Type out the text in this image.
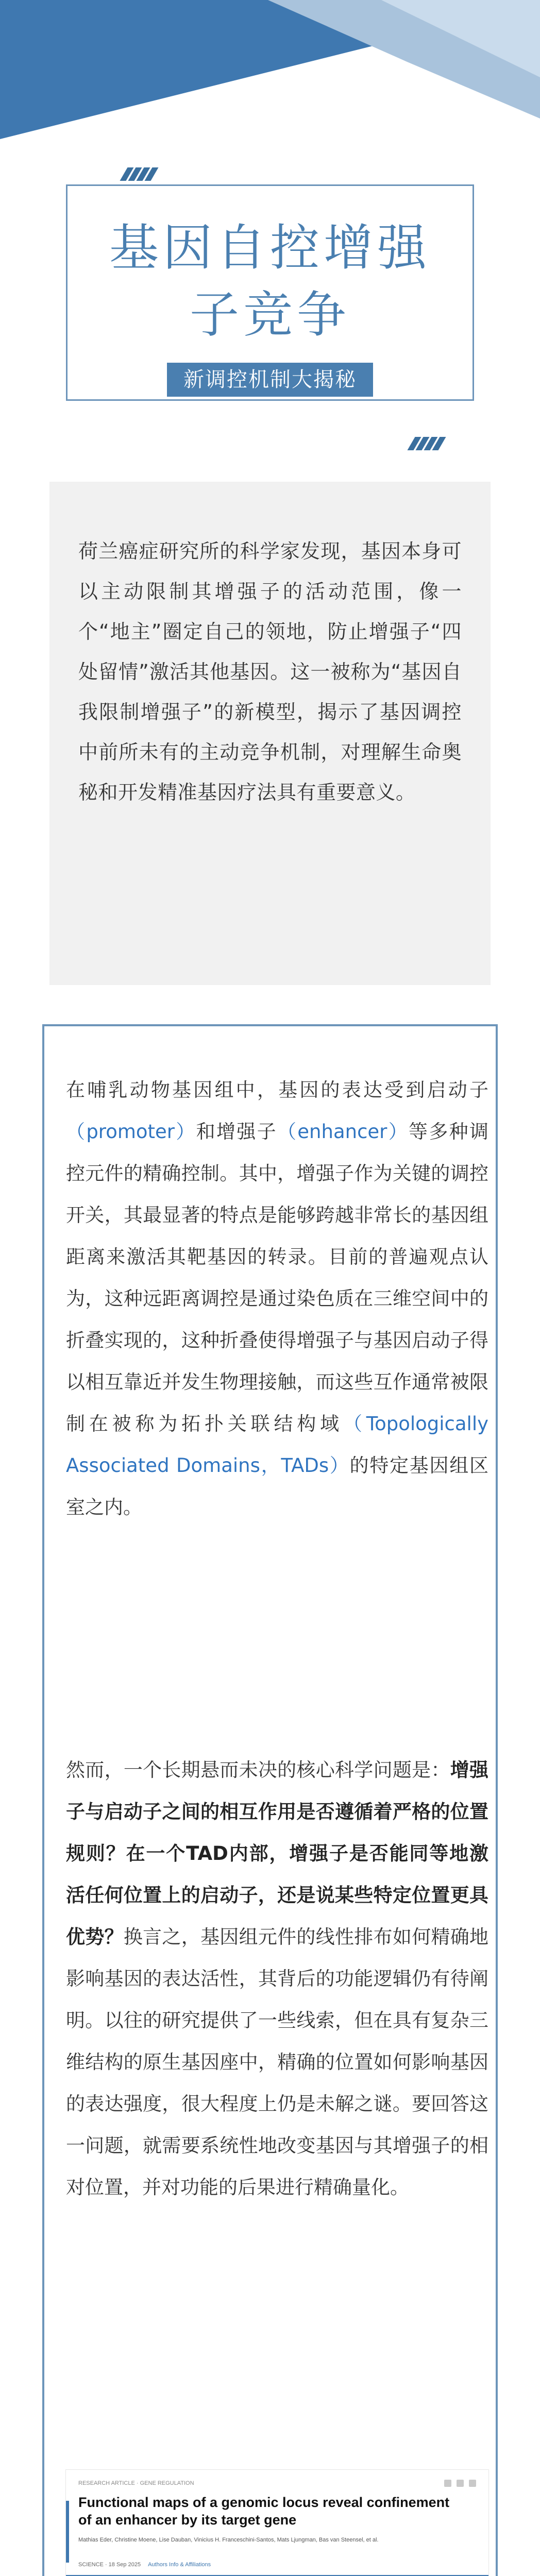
基因自控增强
子竞争
新调控机制大揭秘

荷兰癌症研究所的科学家发现，基因本身可以主动限制其增强子的活动范围，像一个“地主”圈定自己的领地，防止增强子“四处留情”激活其他基因。这一被称为“基因自我限制增强子”的新模型，揭示了基因调控中前所未有的主动竞争机制，对理解生命奥秘和开发精准基因疗法具有重要意义。

在哺乳动物基因组中，基因的表达受到启动子（promoter）和增强子（enhancer）等多种调控元件的精确控制。其中，增强子作为关键的调控开关，其最显著的特点是能够跨越非常长的基因组距离来激活其靶基因的转录。目前的普遍观点认为，这种远距离调控是通过染色质在三维空间中的折叠实现的，这种折叠使得增强子与基因启动子得以相互靠近并发生物理接触，而这些互作通常被限制在被称为拓扑关联结构域（Topologically Associated Domains，TADs）的特定基因组区室之内。

然而，一个长期悬而未决的核心科学问题是：增强子与启动子之间的相互作用是否遵循着严格的位置规则？在一个TAD内部，增强子是否能同等地激活任何位置上的启动子，还是说某些特定位置更具优势？换言之，基因组元件的线性排布如何精确地影响基因的表达活性，其背后的功能逻辑仍有待阐明。以往的研究提供了一些线索，但在具有复杂三维结构的原生基因座中，精确的位置如何影响基因的表达强度，很大程度上仍是未解之谜。要回答这一问题，就需要系统性地改变基因与其增强子的相对位置，并对功能的后果进行精确量化。

RESEARCH ARTICLE · GENE REGULATION
Functional maps of a genomic locus reveal confinement of an enhancer by its target gene
Mathias Eder, Christine Moene, Lise Dauban, Vinicius H. Franceschini-Santos, Mats Ljungman, Bas van Steensel, et al.
SCIENCE · 18 Sep 2025 Authors Info & Affiliations
